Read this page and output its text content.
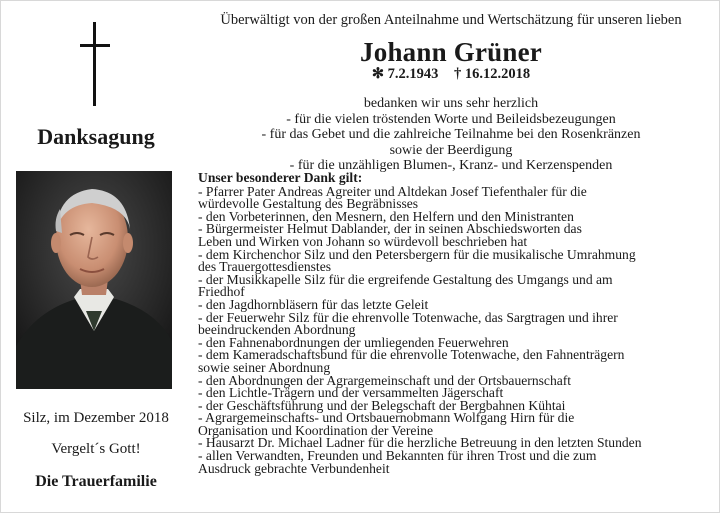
Danksagung
Silz, im Dezember 2018
Vergelt´s Gott!
Die Trauerfamilie
Überwältigt von der großen Anteilnahme und Wertschätzung für unseren lieben
Johann Grüner
✻ 7.2.1943 † 16.12.2018
bedanken wir uns sehr herzlich
- für die vielen tröstenden Worte und Beileidsbezeugungen
- für das Gebet und die zahlreiche Teilnahme bei den Rosenkränzen
sowie der Beerdigung
- für die unzähligen Blumen-, Kranz- und Kerzenspenden
Unser besonderer Dank gilt:
- Pfarrer Pater Andreas Agreiter und Altdekan Josef Tiefenthaler für die
würdevolle Gestaltung des Begräbnisses
- den Vorbeterinnen, den Mesnern, den Helfern und den Ministranten
- Bürgermeister Helmut Dablander, der in seinen Abschiedsworten das
Leben und Wirken von Johann so würdevoll beschrieben hat
- dem Kirchenchor Silz und den Petersbergern für die musikalische Umrahmung
des Trauergottesdienstes
- der Musikkapelle Silz für die ergreifende Gestaltung des Umgangs und am
Friedhof
- den Jagdhornbläsern für das letzte Geleit
- der Feuerwehr Silz für die ehrenvolle Totenwache, das Sargtragen und ihrer
beeindruckenden Abordnung
- den Fahnenabordnungen der umliegenden Feuerwehren
- dem Kameradschaftsbund für die ehrenvolle Totenwache, den Fahnenträgern
sowie seiner Abordnung
- den Abordnungen der Agrargemeinschaft und der Ortsbauernschaft
- den Lichtle-Trägern und der versammelten Jägerschaft
- der Geschäftsführung und der Belegschaft der Bergbahnen Kühtai
- Agrargemeinschafts- und Ortsbauernobmann Wolfgang Hirn für die
Organisation und Koordination der Vereine
- Hausarzt Dr. Michael Ladner für die herzliche Betreuung in den letzten Stunden
- allen Verwandten, Freunden und Bekannten für ihren Trost und die zum
Ausdruck gebrachte Verbundenheit
